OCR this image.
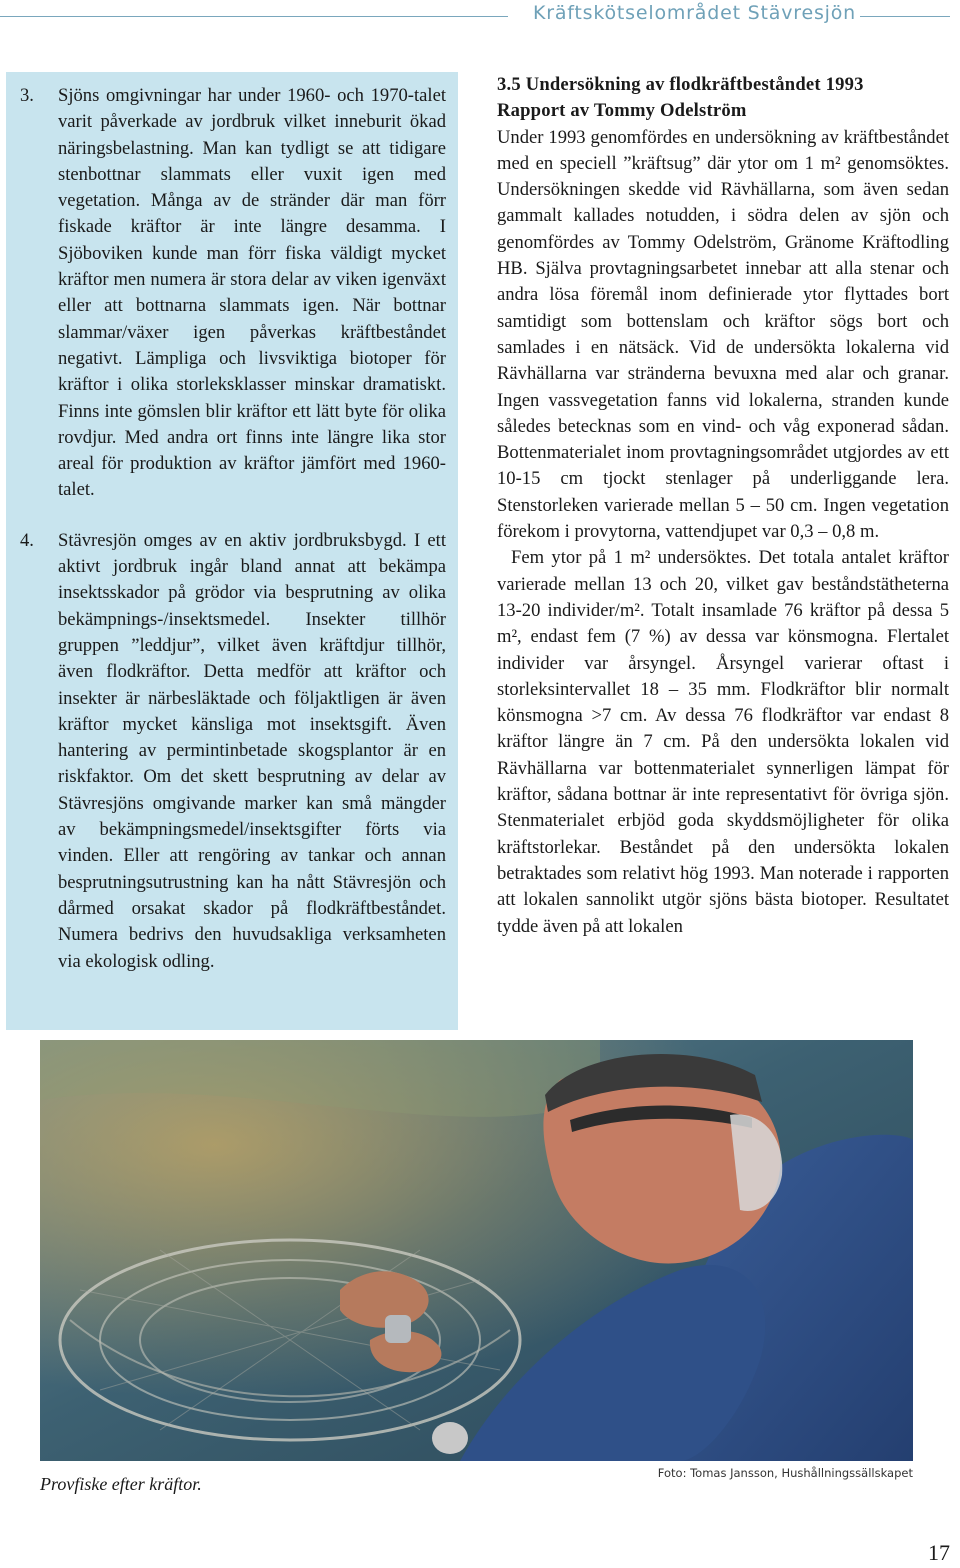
Kräftskötselområdet Stävresjön
3.	Sjöns omgivningar har under 1960- och 1970-talet varit påverkade av jordbruk vilket inneburit ökad näringsbelastning. Man kan tydligt se att tidigare stenbottnar slammats eller vuxit igen med vegetation. Många av de stränder där man förr fiskade kräftor är inte längre desamma. I Sjöboviken kunde man förr fiska väldigt mycket kräftor men numera är stora delar av viken igenväxt eller att bottnarna slammats igen. När bottnar slammar/växer igen påverkas kräftbeståndet negativt. Lämpliga och livsviktiga biotoper för kräftor i olika storleksklasser minskar dramatiskt. Finns inte gömslen blir kräftor ett lätt byte för olika rovdjur. Med andra ort finns inte längre lika stor areal för produktion av kräftor jämfört med 1960-talet.
4.	Stävresjön omges av en aktiv jordbruksbygd. I ett aktivt jordbruk ingår bland annat att bekämpa insektsskador på grödor via besprutning av olika bekämpnings-/insektsmedel. Insekter tillhör gruppen ”leddjur”, vilket även kräftdjur tillhör, även flodkräftor. Detta medför att kräftor och insekter är närbesläktade och följaktligen är även kräftor mycket känsliga mot insektsgift. Även hantering av permintinbetade skogsplantor är en riskfaktor. Om det skett besprutning av delar av Stävresjöns omgivande marker kan små mängder av bekämpningsmedel/insektsgifter förts via vinden. Eller att rengöring av tankar och annan besprutningsutrustning kan ha nått Stävresjön och dårmed orsakat skador på flodkräftbeståndet. Numera bedrivs den huvudsakliga verksamheten via ekologisk odling.
3.5 Undersökning av flodkräftbeståndet 1993
Rapport av Tommy Odelström

Under 1993 genomfördes en undersökning av kräftbeståndet med en speciell ”kräftsug” där ytor om 1 m² genomsöktes. Undersökningen skedde vid Rävhällarna, som även sedan gammalt kallades notudden, i södra delen av sjön och genomfördes av Tommy Odelström, Gränome Kräftodling HB. Själva provtagningsarbetet innebar att alla stenar och andra lösa föremål inom definierade ytor flyttades bort samtidigt som bottenslam och kräftor sögs bort och samlades i en nätsäck. Vid de undersökta lokalerna vid Rävhällarna var stränderna bevuxna med alar och granar. Ingen vassvegetation fanns vid lokalerna, stranden kunde således betecknas som en vind- och våg exponerad sådan. Bottenmaterialet inom provtagningsområdet utgjordes av ett 10-15 cm tjockt stenlager på underliggande lera. Stenstorleken varierade mellan 5 – 50 cm. Ingen vegetation förekom i provytorna, vattendjupet var 0,3 – 0,8 m.

Fem ytor på 1 m² undersöktes. Det totala antalet kräftor varierade mellan 13 och 20, vilket gav beståndstätheterna 13-20 individer/m². Totalt insamlade 76 kräftor på dessa 5 m², endast fem (7 %) av dessa var könsmogna. Flertalet individer var årsyngel. Årsyngel varierar oftast i storleksintervallet 18 – 35 mm. Flodkräftor blir normalt könsmogna >7 cm. Av dessa 76 flodkräftor var endast 8 kräftor längre än 7 cm. På den undersökta lokalen vid Rävhällarna var bottenmaterialet synnerligen lämpat för kräftor, sådana bottnar är inte representativt för övriga sjön. Stenmaterialet erbjöd goda skyddsmöjligheter för olika kräftstorlekar. Beståndet på den undersökta lokalen betraktades som relativt hög 1993. Man noterade i rapporten att lokalen sannolikt utgör sjöns bästa biotoper. Resultatet tydde även på att lokalen

Provfiske efter kräftor.
Foto: Tomas Jansson, Hushållningssällskapet
17
